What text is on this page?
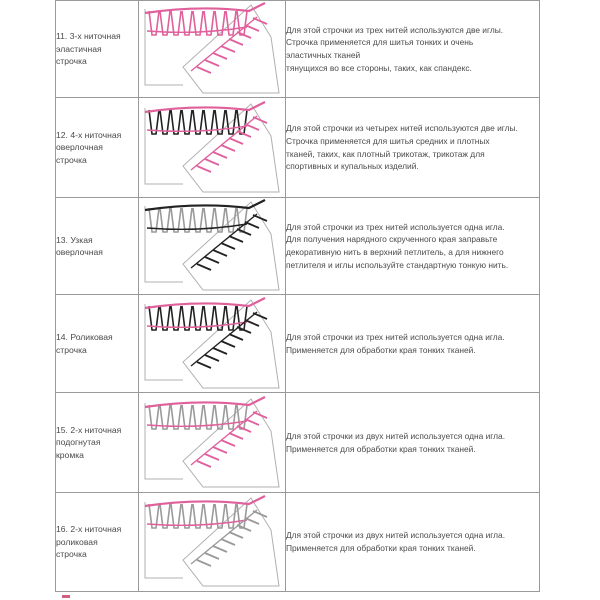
11. 3-х ниточная
эластичная
строчка		Для этой строчки из трех нитей используются две иглы.
Строчка применяется для шитья тонких и очень
эластичных тканей
тянущихся во все стороны, таких, как спандекс.

12. 4-х ниточная
оверлочная
строчка		Для этой строчки из четырех нитей используются две иглы.
Строчка применяется для шитья средних и плотных
тканей, таких, как плотный трикотаж, трикотаж для
спортивных и купальных изделий.

13. Узкая
оверлочная		Для этой строчки из трех нитей используется одна игла.
Для получения нарядного скрученного края заправьте
декоративную нить в верхний петлитель, а для нижнего
петлителя и иглы используйте стандартную тонкую нить.

14. Роликовая
строчка		Для этой строчки из трех нитей используется одна игла.
Применяется для обработки края тонких тканей.

15. 2-х ниточная
подогнутая
кромка		Для этой строчки из двух нитей используется одна игла.
Применяется для обработки края тонких тканей.

16. 2-х ниточная
роликовая
строчка		Для этой строчки из двух нитей используется одна игла.
Применяется для обработки края тонких тканей.
